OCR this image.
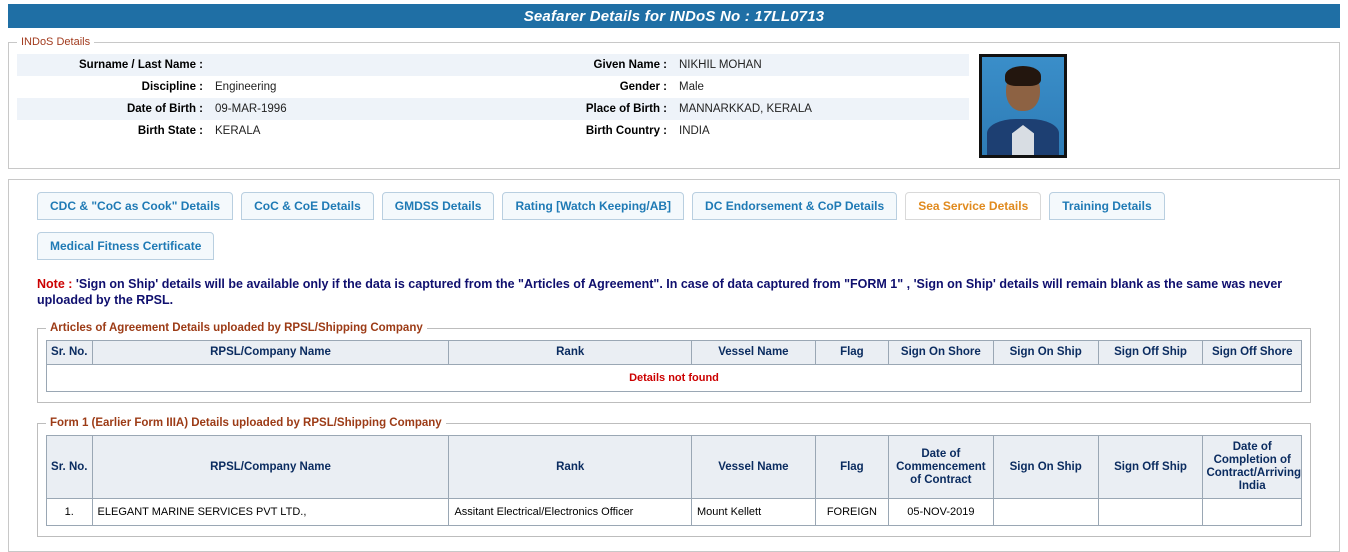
Seafarer Details for INDoS No : 17LL0713
INDoS Details
Surname / Last Name :		Given Name :	NIKHIL MOHAN
Discipline :	Engineering	Gender :	Male
Date of Birth :	09-MAR-1996	Place of Birth :	MANNARKKAD, KERALA
Birth State :	KERALA	Birth Country :	INDIA
CDC & "CoC as Cook" Details	CoC & CoE Details	GMDSS Details	Rating [Watch Keeping/AB]	DC Endorsement & CoP Details	Sea Service Details	Training Details
Medical Fitness Certificate
Note : 'Sign on Ship' details will be available only if the data is captured from the "Articles of Agreement". In case of data captured from "FORM 1" , 'Sign on Ship' details will remain blank as the same was never uploaded by the RPSL.
Articles of Agreement Details uploaded by RPSL/Shipping Company
Sr. No.	RPSL/Company Name	Rank	Vessel Name	Flag	Sign On Shore	Sign On Ship	Sign Off Ship	Sign Off Shore
Details not found
Form 1 (Earlier Form IIIA) Details uploaded by RPSL/Shipping Company
Sr. No.	RPSL/Company Name	Rank	Vessel Name	Flag	Date of Commencement of Contract	Sign On Ship	Sign Off Ship	Date of Completion of Contract/Arriving India
1.	ELEGANT MARINE SERVICES PVT LTD.,	Assitant Electrical/Electronics Officer	Mount Kellett	FOREIGN	05-NOV-2019			
